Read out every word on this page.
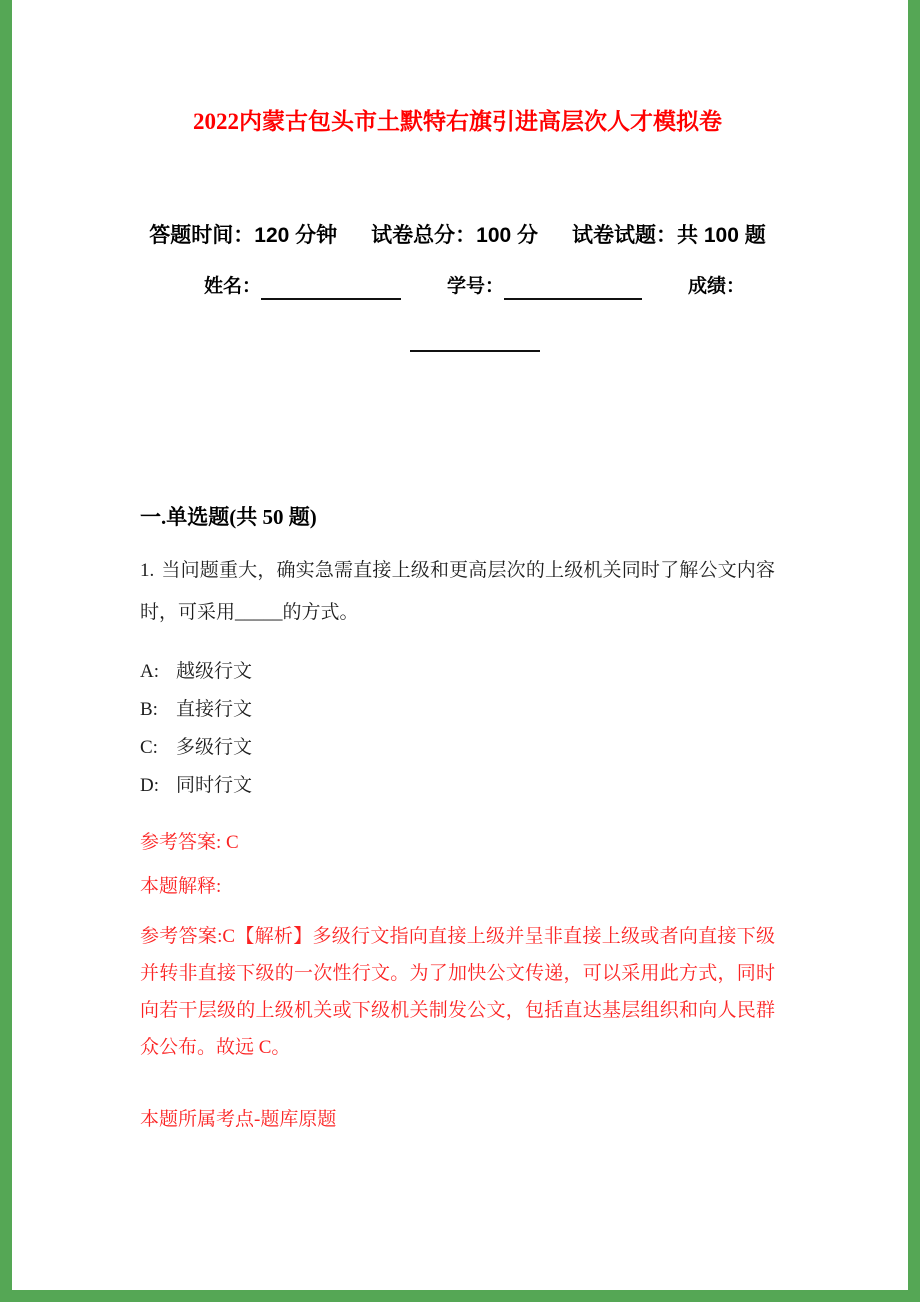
2022内蒙古包头市土默特右旗引进高层次人才模拟卷
答题时间：120 分钟 试卷总分：100 分 试卷试题：共 100 题
姓名：	学号：	成绩：
一.单选题(共 50 题)

1. 当问题重大，确实急需直接上级和更高层次的上级机关同时了解公文内容时，可采用_____的方式。

A: 越级行文
B: 直接行文
C: 多级行文
D: 同时行文

参考答案: C

本题解释:

参考答案:C【解析】多级行文指向直接上级并呈非直接上级或者向直接下级并转非直接下级的一次性行文。为了加快公文传递，可以采用此方式，同时向若干层级的上级机关或下级机关制发公文，包括直达基层组织和向人民群众公布。故远 C。

本题所属考点-题库原题
